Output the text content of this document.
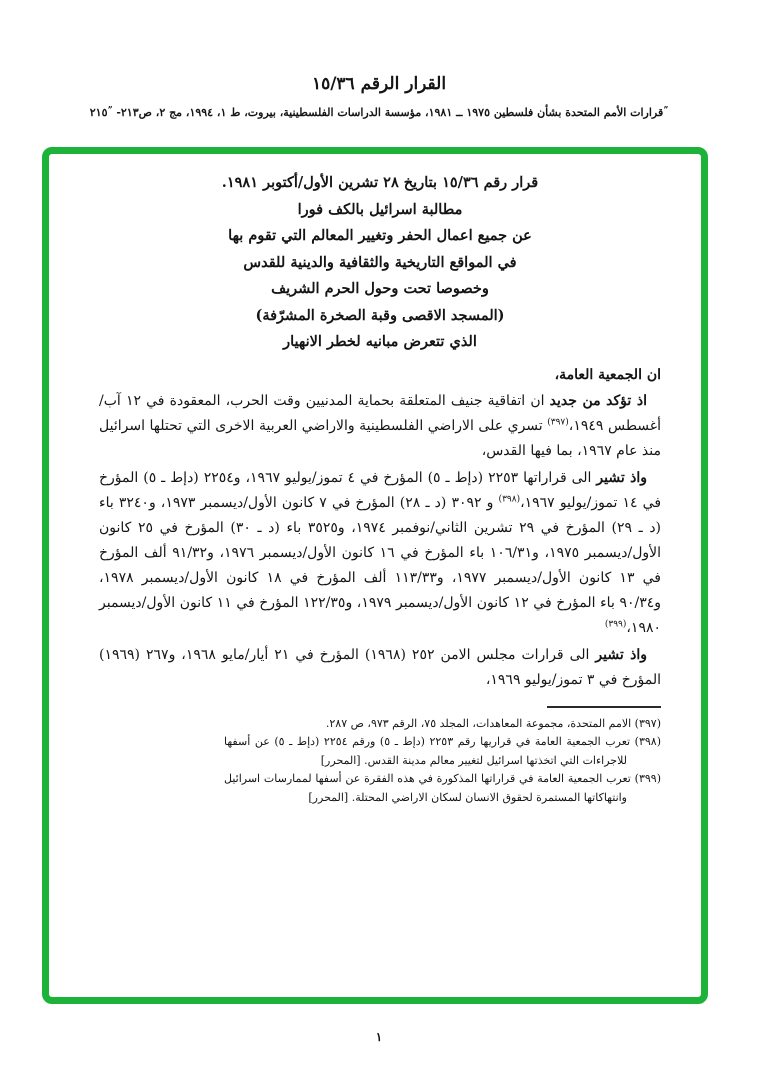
القرار الرقم ١٥/٣٦
$^ˮ$قرارات الأمم المتحدة بشأن فلسطين ١٩٧٥ ــ ١٩٨١، مؤسسة الدراسات الفلسطينية، بيروت، ط ١، ١٩٩٤، مج ٢، ص٢١٣- $٢١٥^ˮ$
قرار رقم ١٥/٣٦ بتاريخ ٢٨ تشرين الأول/أكتوبر ١٩٨١.
مطالبة اسرائيل بالكف فورا
عن جميع اعمال الحفر وتغيير المعالم التي تقوم بها
في المواقع التاريخية والثقافية والدينية للقدس
وخصوصا تحت وحول الحرم الشريف
(المسجد الاقصى وقبة الصخرة المشرّفة)
الذي تتعرض مبانيه لخطر الانهيار
ان الجمعية العامة،
اذ تؤكد من جديد ان اتفاقية جنيف المتعلقة بحماية المدنيين وقت الحرب، المعقودة في ١٢ آب/أغسطس ١٩٤٩،$^{(٣٩٧)}$ تسري على الاراضي الفلسطينية والاراضي العربية الاخرى التي تحتلها اسرائيل منذ عام ١٩٦٧، بما فيها القدس،
واذ تشير الى قراراتها ٢٢٥٣ (دإط ـ ٥) المؤرخ في ٤ تموز/يوليو ١٩٦٧، و٢٢٥٤ (دإط ـ ٥) المؤرخ في ١٤ تموز/يوليو ١٩٦٧،$^{(٣٩٨)}$ و ٣٠٩٢ (د ـ ٢٨) المؤرخ في ٧ كانون الأول/ديسمبر ١٩٧٣، و٣٢٤٠ باء (د ـ ٢٩) المؤرخ في ٢٩ تشرين الثاني/نوفمبر ١٩٧٤، و٣٥٢٥ باء (د ـ ٣٠) المؤرخ في ٢٥ كانون الأول/ديسمبر ١٩٧٥، و١٠٦/٣١ باء المؤرخ في ١٦ كانون الأول/ديسمبر ١٩٧٦، و٩١/٣٢ ألف المؤرخ في ١٣ كانون الأول/ديسمبر ١٩٧٧، و١١٣/٣٣ ألف المؤرخ في ١٨ كانون الأول/ديسمبر ١٩٧٨، و٩٠/٣٤ باء المؤرخ في ١٢ كانون الأول/ديسمبر ١٩٧٩، و١٢٢/٣٥ المؤرخ في ١١ كانون الأول/ديسمبر ١٩٨٠،$^{(٣٩٩)}$
واذ تشير الى قرارات مجلس الامن ٢٥٢ (١٩٦٨) المؤرخ في ٢١ أيار/مايو ١٩٦٨، و٢٦٧ (١٩٦٩) المؤرخ في ٣ تموز/يوليو ١٩٦٩،
(٣٩٧) الامم المتحدة، مجموعة المعاهدات، المجلد ٧٥، الرقم ٩٧٣، ص ٢٨٧.
(٣٩٨) تعرب الجمعية العامة في قراريها رقم ٢٢٥٣ (دإط ـ ٥) ورقم ٢٢٥٤ (دإط ـ ٥) عن أسفها للاجراءات التي اتخذتها اسرائيل لتغيير معالم مدينة القدس. [المحرر]
(٣٩٩) تعرب الجمعية العامة في قراراتها المذكورة في هذه الفقرة عن أسفها لممارسات اسرائيل وانتهاكاتها المستمرة لحقوق الانسان لسكان الاراضي المحتلة. [المحرر]
١
